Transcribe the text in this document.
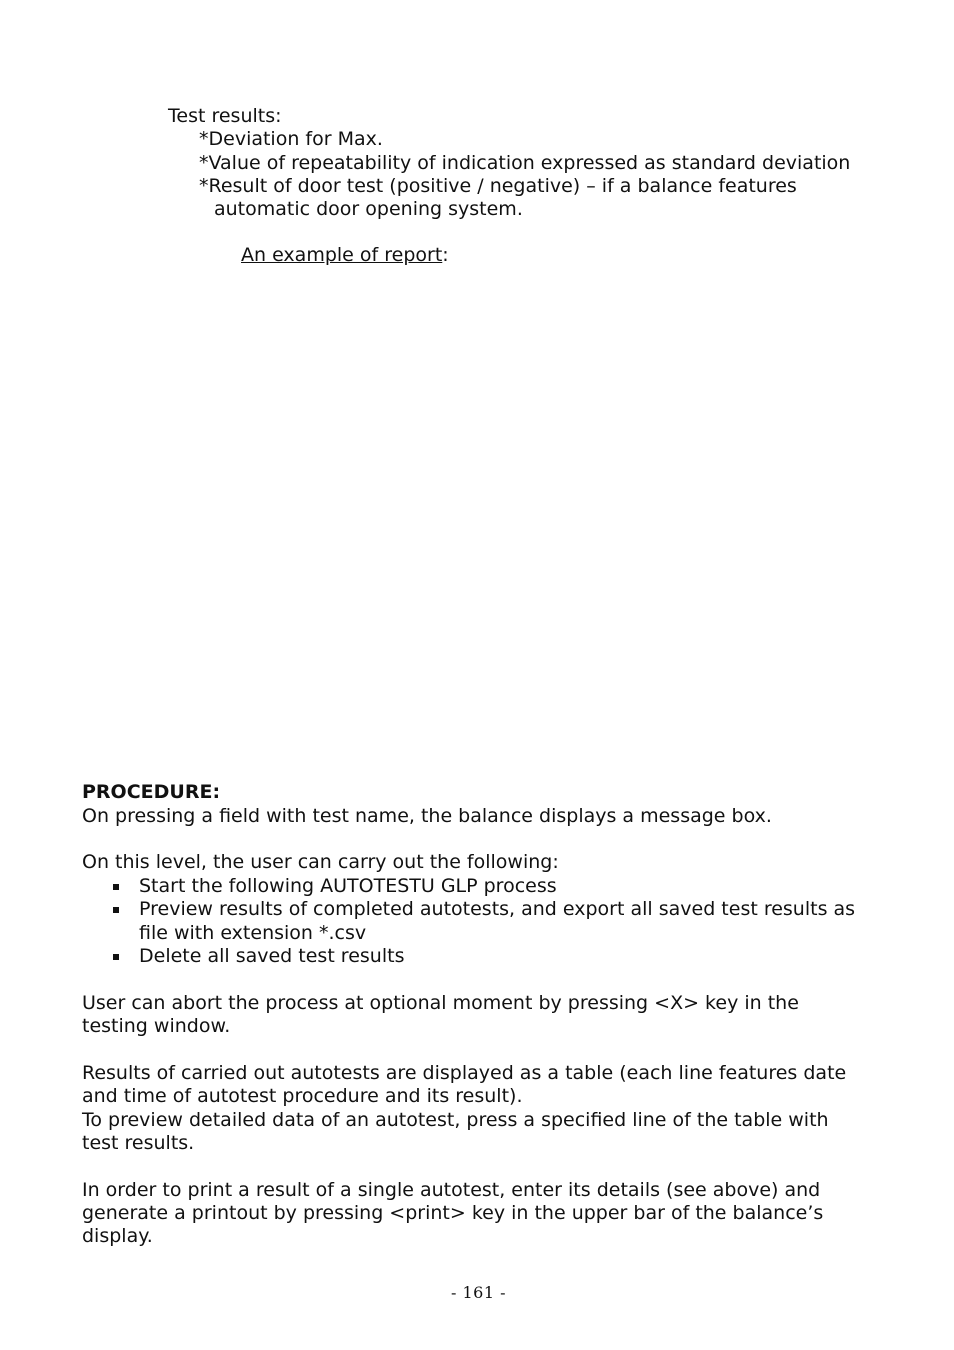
Test results:
*Deviation for Max.
*Value of repeatability of indication expressed as standard deviation
*Result of door test (positive / negative) – if a balance features
automatic door opening system.
An example of report:
PROCEDURE:
On pressing a field with test name, the balance displays a message box.
On this level, the user can carry out the following:
Start the following AUTOTESTU GLP process
Preview results of completed autotests, and export all saved test results as
file with extension *.csv
Delete all saved test results
User can abort the process at optional moment by pressing <X> key in the
testing window.
Results of carried out autotests are displayed as a table (each line features date
and time of autotest procedure and its result).
To preview detailed data of an autotest, press a specified line of the table with
test results.
In order to print a result of a single autotest, enter its details (see above) and
generate a printout by pressing <print> key in the upper bar of the balance’s
display.
- 161 -
